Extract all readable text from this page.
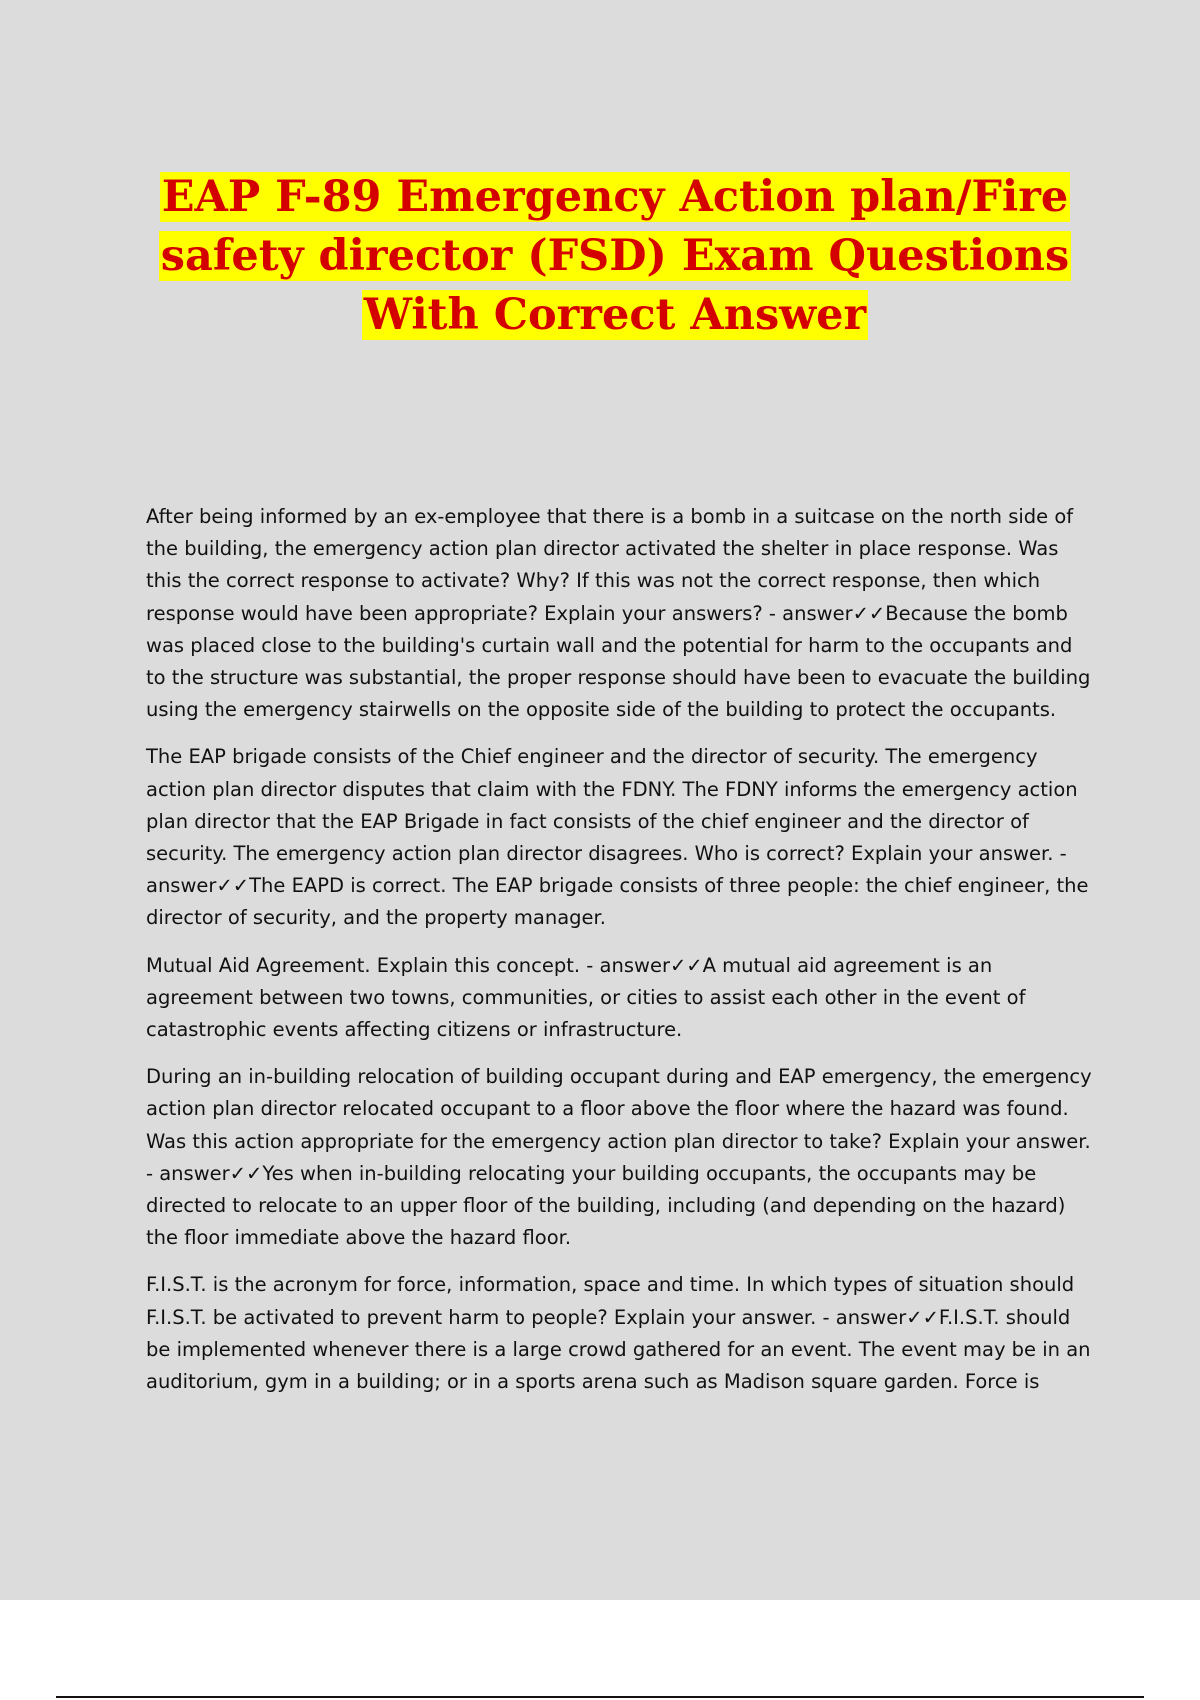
EAP F-89 Emergency Action plan/Fire safety director (FSD) Exam Questions With Correct Answer

After being informed by an ex-employee that there is a bomb in a suitcase on the north side of the building, the emergency action plan director activated the shelter in place response. Was this the correct response to activate? Why? If this was not the correct response, then which response would have been appropriate? Explain your answers? - answer✓✓Because the bomb was placed close to the building's curtain wall and the potential for harm to the occupants and to the structure was substantial, the proper response should have been to evacuate the building using the emergency stairwells on the opposite side of the building to protect the occupants.

The EAP brigade consists of the Chief engineer and the director of security. The emergency action plan director disputes that claim with the FDNY. The FDNY informs the emergency action plan director that the EAP Brigade in fact consists of the chief engineer and the director of security. The emergency action plan director disagrees. Who is correct? Explain your answer. - answer✓✓The EAPD is correct. The EAP brigade consists of three people: the chief engineer, the director of security, and the property manager.

Mutual Aid Agreement. Explain this concept. - answer✓✓A mutual aid agreement is an agreement between two towns, communities, or cities to assist each other in the event of catastrophic events affecting citizens or infrastructure.

During an in-building relocation of building occupant during and EAP emergency, the emergency action plan director relocated occupant to a floor above the floor where the hazard was found. Was this action appropriate for the emergency action plan director to take? Explain your answer. - answer✓✓Yes when in-building relocating your building occupants, the occupants may be directed to relocate to an upper floor of the building, including (and depending on the hazard) the floor immediate above the hazard floor.

F.I.S.T. is the acronym for force, information, space and time. In which types of situation should F.I.S.T. be activated to prevent harm to people? Explain your answer. - answer✓✓F.I.S.T. should be implemented whenever there is a large crowd gathered for an event. The event may be in an auditorium, gym in a building; or in a sports arena such as Madison square garden. Force is
